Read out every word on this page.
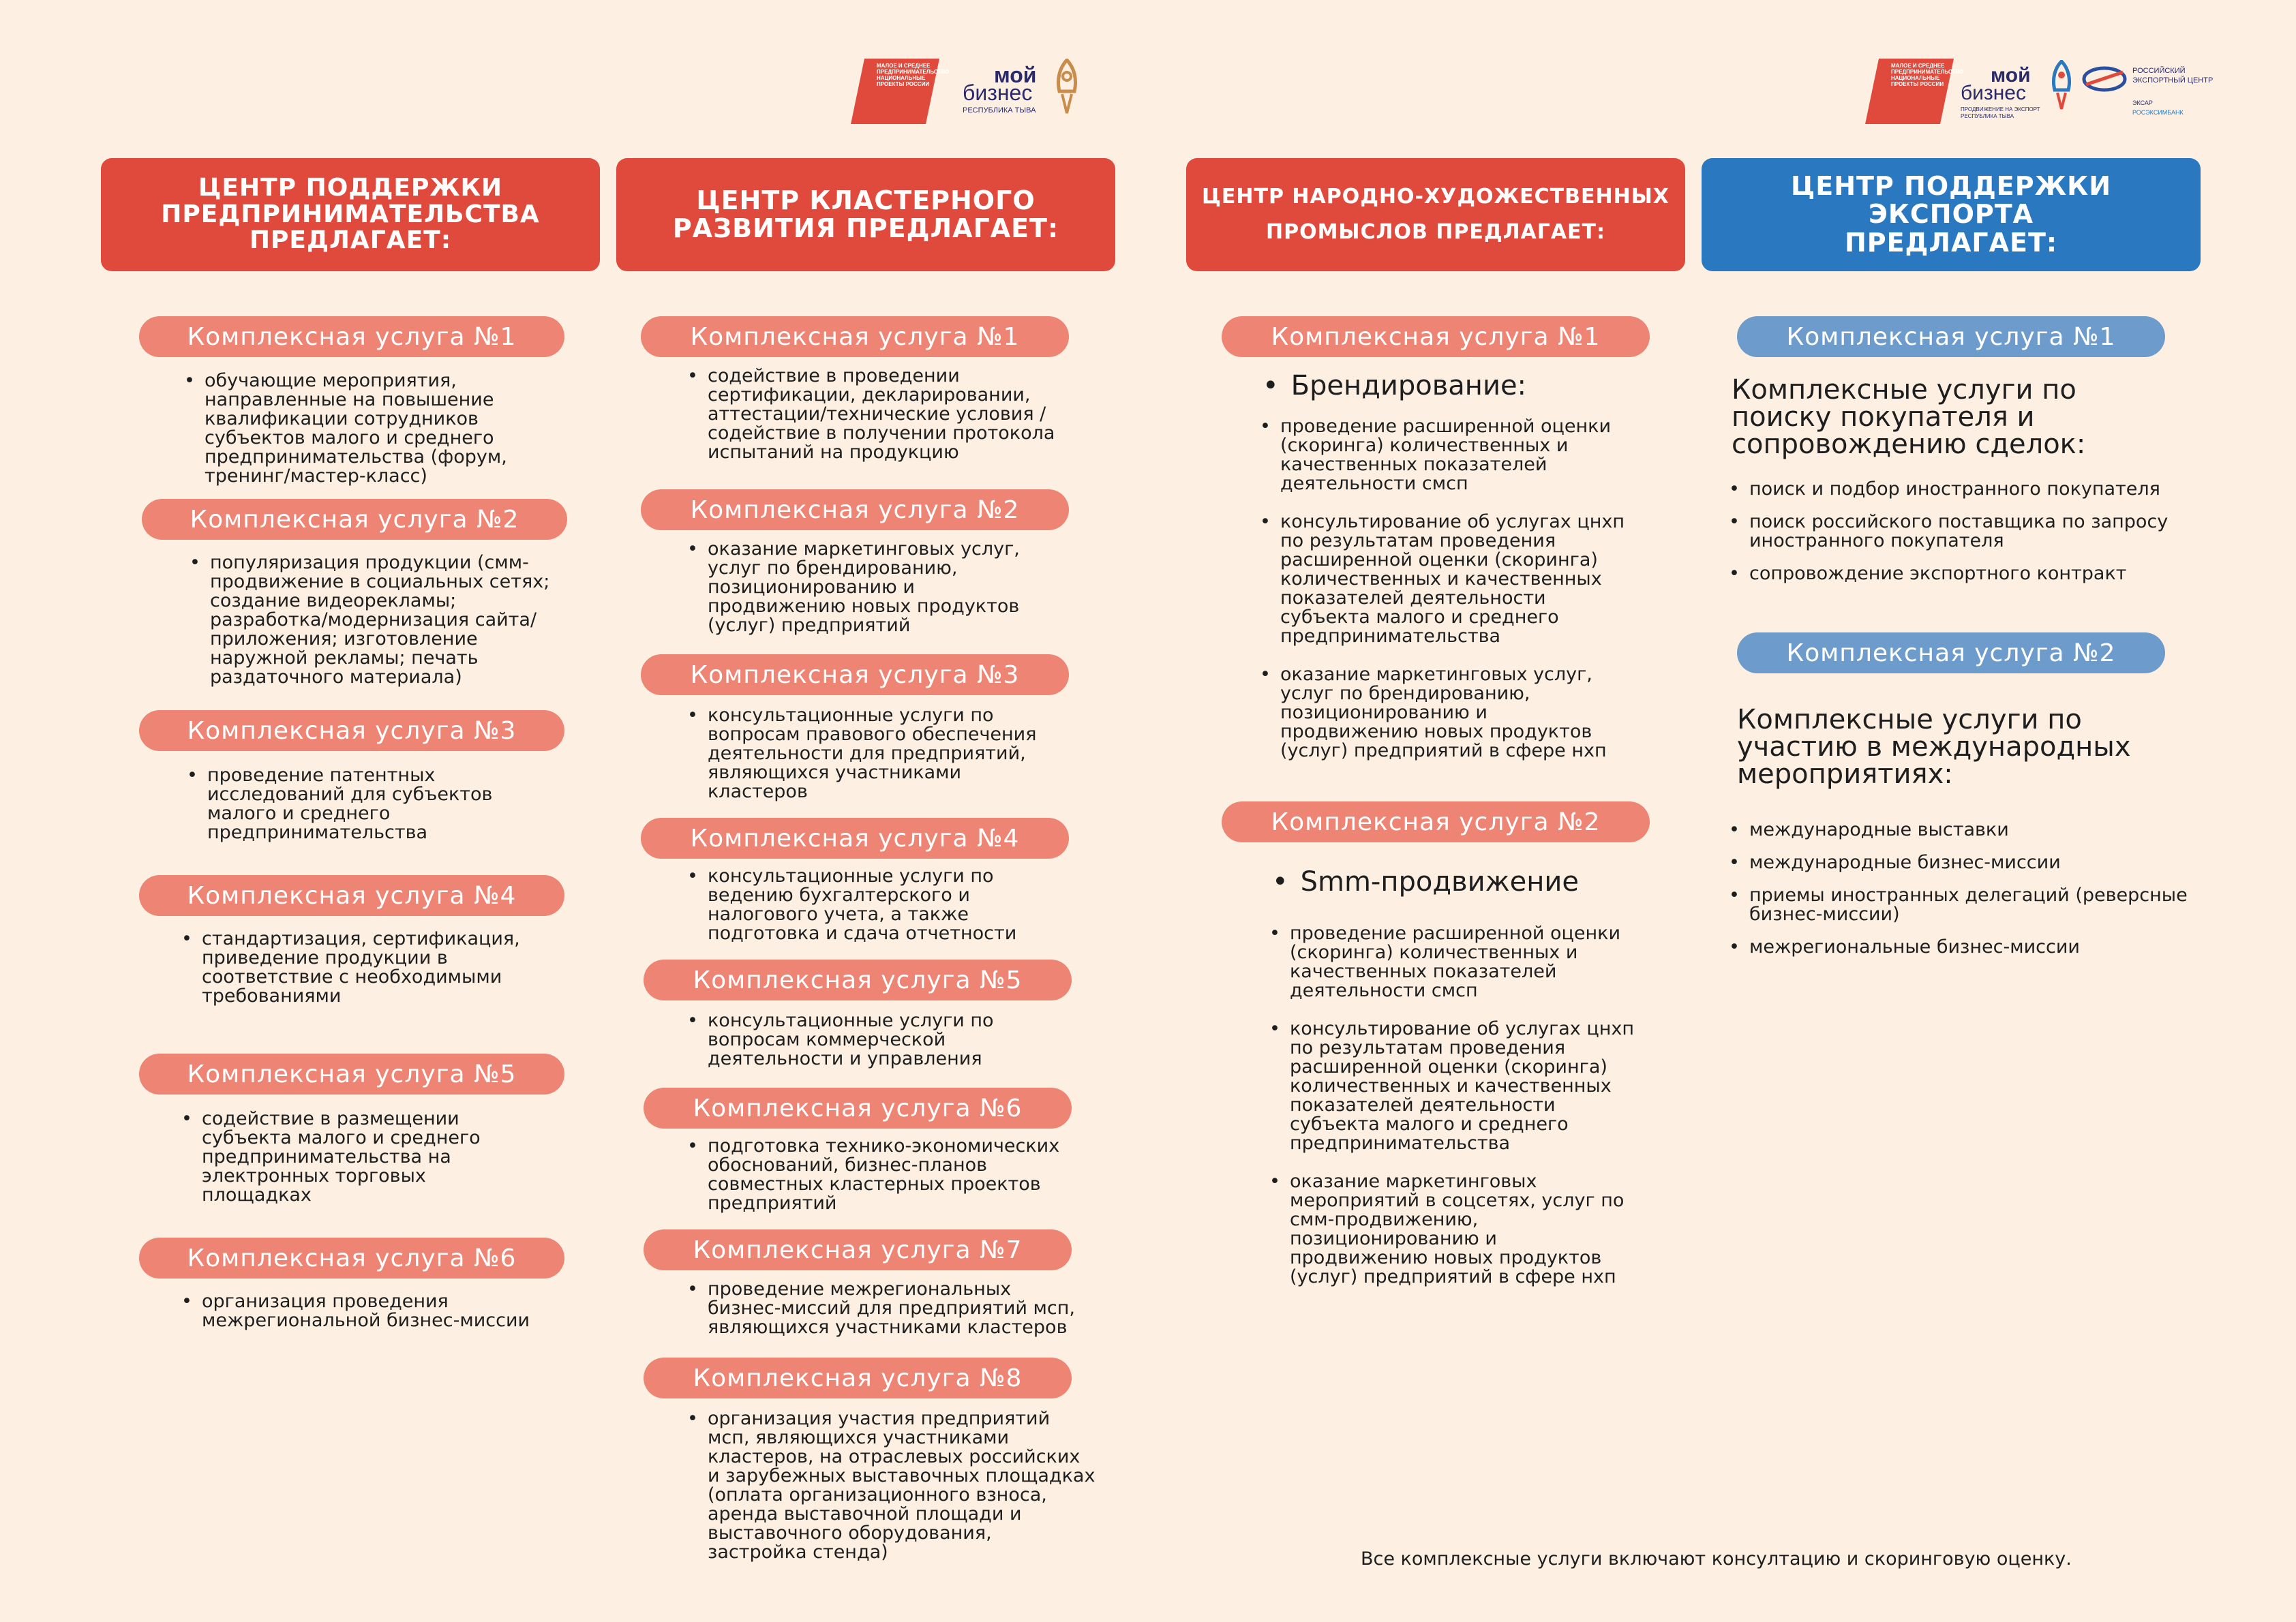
МАЛОЕ И СРЕДНЕЕ ПРЕДПРИНИМАТЕЛЬСТВО НАЦИОНАЛЬНЫЕ ПРОЕКТЫ РОССИИ	мой
бизнес
РЕСПУБЛИКА ТЫВА
МАЛОЕ И СРЕДНЕЕ ПРЕДПРИНИМАТЕЛЬСТВО НАЦИОНАЛЬНЫЕ ПРОЕКТЫ РОССИИ мой
бизнес
ПРОДВИЖЕНИЕ НА ЭКСПОРТ РЕСПУБЛИКА ТЫВА
РОССИЙСКИЙ
ЭКСПОРТНЫЙ ЦЕНТР
ЭКСАР
РОСЭКСИМБАНК
ЦЕНТР ПОДДЕРЖКИ ПРЕДПРИНИМАТЕЛЬСТВА ПРЕДЛАГАЕТ:
ЦЕНТР КЛАСТЕРНОГО РАЗВИТИЯ ПРЕДЛАГАЕТ:
ЦЕНТР НАРОДНО-ХУДОЖЕСТВЕННЫХ ПРОМЫСЛОВ ПРЕДЛАГАЕТ:
ЦЕНТР ПОДДЕРЖКИ ЭКСПОРТА ПРЕДЛАГАЕТ:
Комплексная услуга №1
• обучающие мероприятия, направленные на повышение квалификации сотрудников субъектов малого и среднего предпринимательства (форум, тренинг/мастер-класс)
Комплексная услуга №2
• популяризация продукции (смм-продвижение в социальных сетях; создание видеорекламы; разработка/модернизация сайта/приложения; изготовление наружной рекламы; печать раздаточного материала)
Комплексная услуга №3
• проведение патентных исследований для субъектов малого и среднего предпринимательства
Комплексная услуга №4
• стандартизация, сертификация, приведение продукции в соответствие с необходимыми требованиями
Комплексная услуга №5
• содействие в размещении субъекта малого и среднего предпринимательства на электронных торговых площадках
Комплексная услуга №6
• организация проведения межрегиональной бизнес-миссии
Комплексная услуга №1
• содействие в проведении сертификации, декларировании, аттестации/технические условия / содействие в получении протокола испытаний на продукцию
Комплексная услуга №2
• оказание маркетинговых услуг, услуг по брендированию, позиционированию и продвижению новых продуктов (услуг) предприятий
Комплексная услуга №3
• консультационные услуги по вопросам правового обеспечения деятельности для предприятий, являющихся участниками кластеров
Комплексная услуга №4
• консультационные услуги по ведению бухгалтерского и налогового учета, а также подготовка и сдача отчетности
Комплексная услуга №5
• консультационные услуги по вопросам коммерческой деятельности и управления
Комплексная услуга №6
• подготовка технико-экономических обоснований, бизнес-планов совместных кластерных проектов предприятий
Комплексная услуга №7
• проведение межрегиональных бизнес-миссий для предприятий мсп, являющихся участниками кластеров
Комплексная услуга №8
• организация участия предприятий мсп, являющихся участниками кластеров, на отраслевых российских и зарубежных выставочных площадках (оплата организационного взноса, аренда выставочной площади и выставочного оборудования, застройка стенда)
Комплексная услуга №1
• Брендирование:
• проведение расширенной оценки (скоринга) количественных и качественных показателей деятельности смсп
• консультирование об услугах цнхп по результатам проведения расширенной оценки (скоринга) количественных и качественных показателей деятельности субъекта малого и среднего предпринимательства
• оказание маркетинговых услуг, услуг по брендированию, позиционированию и продвижению новых продуктов (услуг) предприятий в сфере нхп
Комплексная услуга №2
• Smm-продвижение
• проведение расширенной оценки (скоринга) количественных и качественных показателей деятельности смсп
• консультирование об услугах цнхп по результатам проведения расширенной оценки (скоринга) количественных и качественных показателей деятельности субъекта малого и среднего предпринимательства
• оказание маркетинговых мероприятий в соцсетях, услуг по смм-продвижению, позиционированию и продвижению новых продуктов (услуг) предприятий в сфере нхп
Комплексная услуга №1
Комплексные услуги по поиску покупателя и сопровождению сделок:
• поиск и подбор иностранного покупателя
• поиск российского поставщика по запросу иностранного покупателя
• сопровождение экспортного контракт
Комплексная услуга №2
Комплексные услуги по участию в международных мероприятиях:
• международные выставки
• международные бизнес-миссии
• приемы иностранных делегаций (реверсные бизнес-миссии)
• межрегиональные бизнес-миссии
Все комплексные услуги включают консултацию и скоринговую оценку.
